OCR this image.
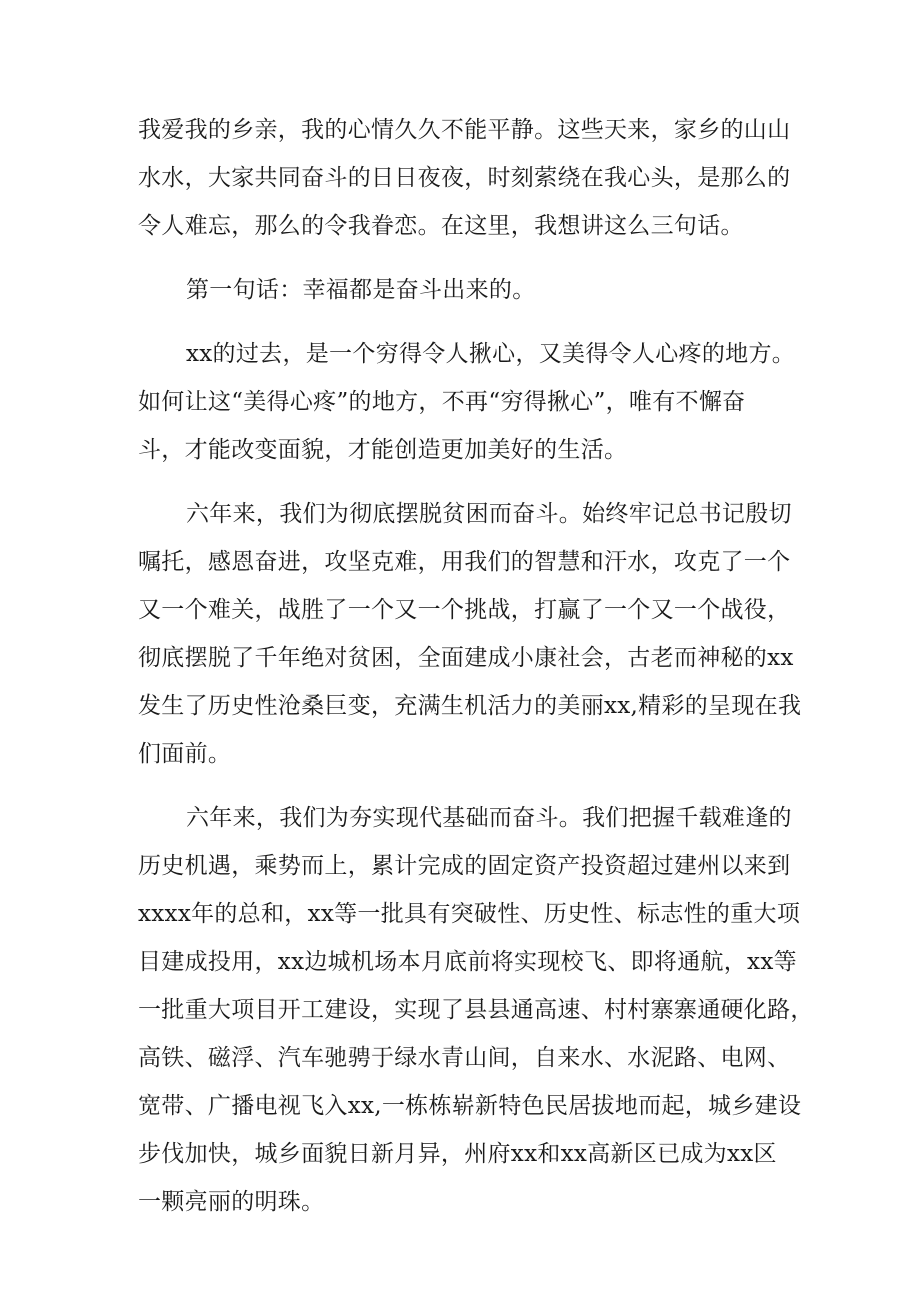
我爱我的乡亲，我的心情久久不能平静。这些天来，家乡的山山
水水，大家共同奋斗的日日夜夜，时刻萦绕在我心头，是那么的
令人难忘，那么的令我眷恋。在这里，我想讲这么三句话。
第一句话：幸福都是奋斗出来的。
xx的过去，是一个穷得令人揪心，又美得令人心疼的地方。
如何让这“美得心疼”的地方，不再“穷得揪心”，唯有不懈奋
斗，才能改变面貌，才能创造更加美好的生活。
六年来，我们为彻底摆脱贫困而奋斗。始终牢记总书记殷切
嘱托，感恩奋进，攻坚克难，用我们的智慧和汗水，攻克了一个
又一个难关，战胜了一个又一个挑战，打赢了一个又一个战役，
彻底摆脱了千年绝对贫困，全面建成小康社会，古老而神秘的xx
发生了历史性沧桑巨变，充满生机活力的美丽xx,精彩的呈现在我
们面前。
六年来，我们为夯实现代基础而奋斗。我们把握千载难逢的
历史机遇，乘势而上，累计完成的固定资产投资超过建州以来到
xxxx年的总和，xx等一批具有突破性、历史性、标志性的重大项
目建成投用，xx边城机场本月底前将实现校飞、即将通航，xx等
一批重大项目开工建设，实现了县县通高速、村村寨寨通硬化路，
高铁、磁浮、汽车驰骋于绿水青山间，自来水、水泥路、电网、
宽带、广播电视飞入xx,一栋栋崭新特色民居拔地而起，城乡建设
步伐加快，城乡面貌日新月异，州府xx和xx高新区已成为xx区
一颗亮丽的明珠。
